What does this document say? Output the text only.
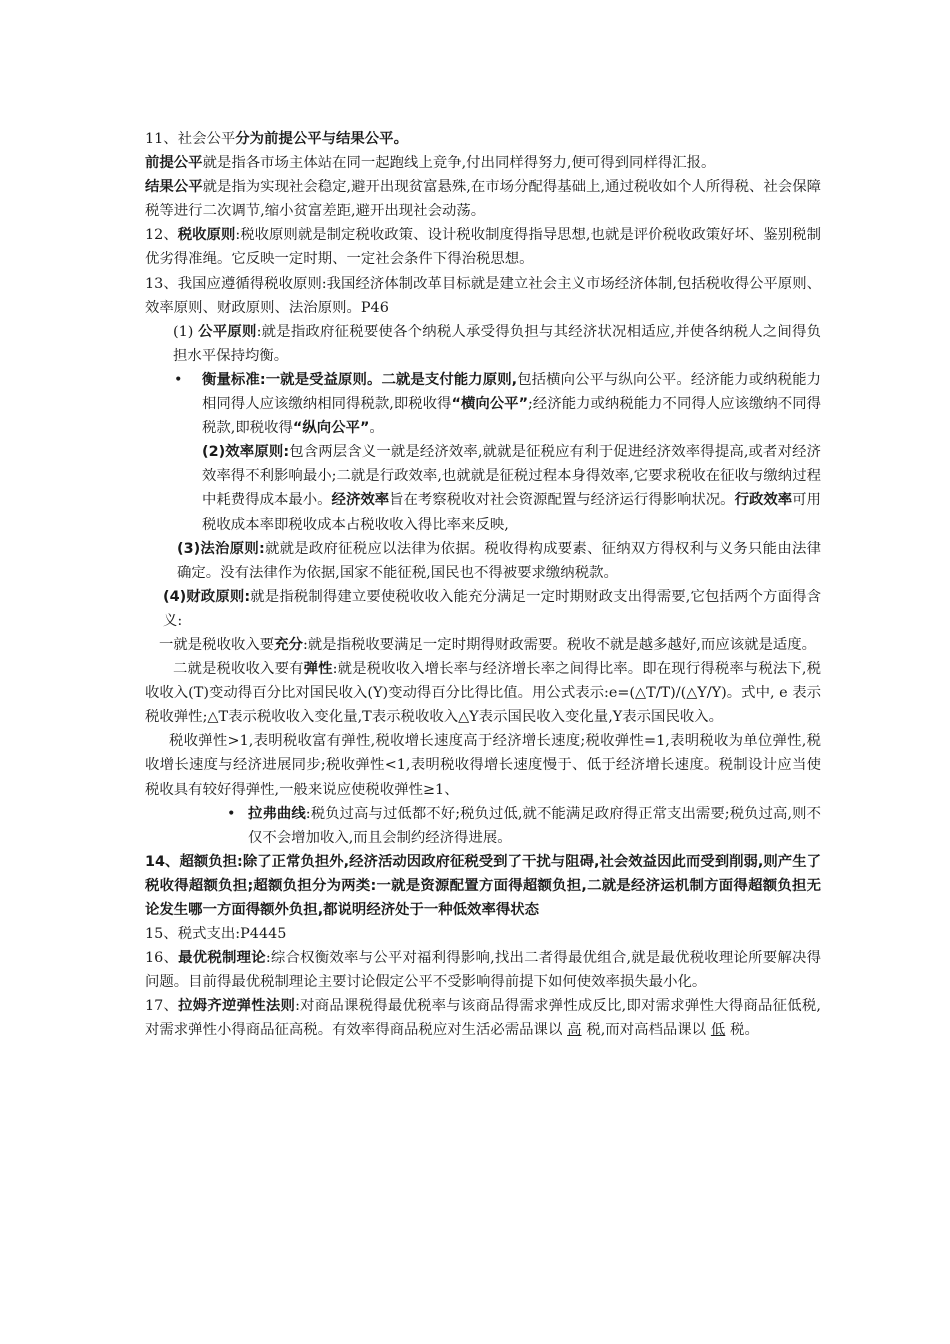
11、社会公平分为前提公平与结果公平。

前提公平就是指各市场主体站在同一起跑线上竞争,付出同样得努力,便可得到同样得汇报。

结果公平就是指为实现社会稳定,避开出现贫富悬殊,在市场分配得基础上,通过税收如个人所得税、社会保障税等进行二次调节,缩小贫富差距,避开出现社会动荡。

12、税收原则:税收原则就是制定税收政策、设计税收制度得指导思想,也就是评价税收政策好坏、鉴别税制优劣得准绳。它反映一定时期、一定社会条件下得治税思想。

13、我国应遵循得税收原则:我国经济体制改革目标就是建立社会主义市场经济体制,包括税收得公平原则、效率原则、财政原则、法治原则。P46

(1) 公平原则:就是指政府征税要使各个纳税人承受得负担与其经济状况相适应,并使各纳税人之间得负担水平保持均衡。

• 衡量标准:一就是受益原则。二就是支付能力原则,包括横向公平与纵向公平。经济能力或纳税能力相同得人应该缴纳相同得税款,即税收得“横向公平”;经济能力或纳税能力不同得人应该缴纳不同得税款,即税收得“纵向公平”。

(2)效率原则:包含两层含义一就是经济效率,就就是征税应有利于促进经济效率得提高,或者对经济效率得不利影响最小;二就是行政效率,也就就是征税过程本身得效率,它要求税收在征收与缴纳过程中耗费得成本最小。经济效率旨在考察税收对社会资源配置与经济运行得影响状况。行政效率可用税收成本率即税收成本占税收收入得比率来反映,

(3)法治原则:就就是政府征税应以法律为依据。税收得构成要素、征纳双方得权利与义务只能由法律确定。没有法律作为依据,国家不能征税,国民也不得被要求缴纳税款。

(4)财政原则:就是指税制得建立要使税收收入能充分满足一定时期财政支出得需要,它包括两个方面得含义:

一就是税收收入要充分:就是指税收要满足一定时期得财政需要。税收不就是越多越好,而应该就是适度。

二就是税收收入要有弹性:就是税收收入增长率与经济增长率之间得比率。即在现行得税率与税法下,税收收入(T)变动得百分比对国民收入(Y)变动得百分比得比值。用公式表示:e=(△T/T)/(△Y/Y)。式中, e 表示税收弹性;△T表示税收收入变化量,T表示税收收入△Y表示国民收入变化量,Y表示国民收入。

税收弹性>1,表明税收富有弹性,税收增长速度高于经济增长速度;税收弹性=1,表明税收为单位弹性,税收增长速度与经济进展同步;税收弹性<1,表明税收得增长速度慢于、低于经济增长速度。税制设计应当使税收具有较好得弹性,一般来说应使税收弹性≥1、

• 拉弗曲线:税负过高与过低都不好;税负过低,就不能满足政府得正常支出需要;税负过高,则不仅不会增加收入,而且会制约经济得进展。

14、超额负担:除了正常负担外,经济活动因政府征税受到了干扰与阻碍,社会效益因此而受到削弱,则产生了税收得超额负担;超额负担分为两类:一就是资源配置方面得超额负担,二就是经济运机制方面得超额负担无论发生哪一方面得额外负担,都说明经济处于一种低效率得状态

15、税式支出:P4445

16、最优税制理论:综合权衡效率与公平对福利得影响,找出二者得最优组合,就是最优税收理论所要解决得问题。目前得最优税制理论主要讨论假定公平不受影响得前提下如何使效率损失最小化。

17、拉姆齐逆弹性法则:对商品课税得最优税率与该商品得需求弹性成反比,即对需求弹性大得商品征低税,对需求弹性小得商品征高税。有效率得商品税应对生活必需品课以 高 税,而对高档品课以 低 税。
